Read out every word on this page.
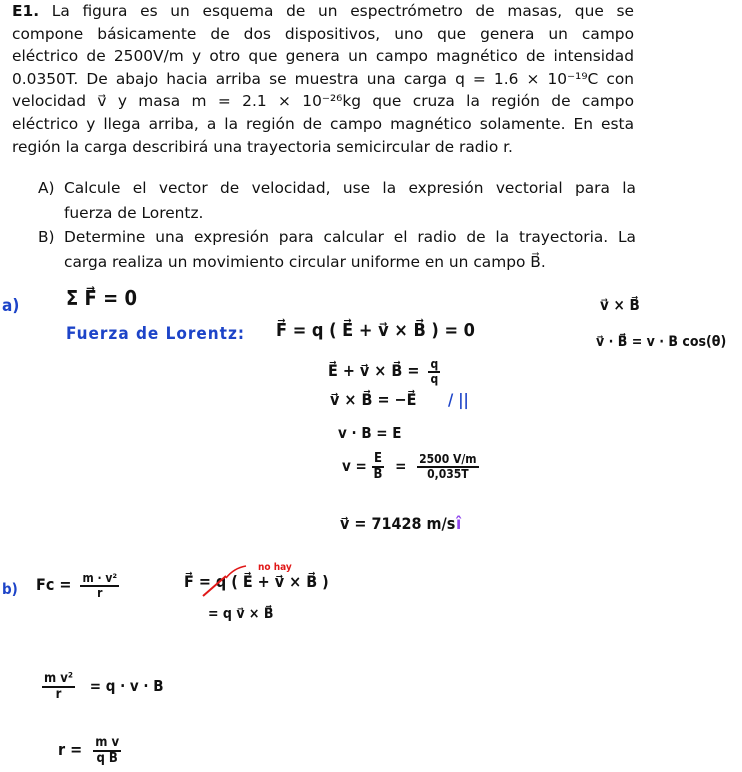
E1. La figura es un esquema de un espectrómetro de masas, que se
compone básicamente de dos dispositivos, uno que genera un campo
eléctrico de 2500V/m y otro que genera un campo magnético de intensidad
0.0350T. De abajo hacia arriba se muestra una carga q = 1.6 × 10⁻¹⁹C con
velocidad v⃗ y masa m = 2.1 × 10⁻²⁶kg que cruza la región de campo
eléctrico y llega arriba, a la región de campo magnético solamente. En esta
región la carga describirá una trayectoria semicircular de radio r.
A) Calcule el vector de velocidad, use la expresión vectorial para la
fuerza de Lorentz.
B) Determine una expresión para calcular el radio de la trayectoria. La
carga realiza un movimiento circular uniforme en un campo B⃗.
a) Σ F⃗ = 0
Fuerza de Lorentz: F⃗ = q ( E⃗ + v⃗ × B⃗ ) = 0
E⃗ + v⃗ × B⃗ = $\frac{q}{q}$
v⃗ × B⃗ = −E⃗ / ||
v · B = E
$v = \frac{E}{B} = \frac{2500 V/m}{0,035T}$
v⃗ = 71428 m/s î
v⃗ × B⃗
v⃗ · B⃗ = v · B cos(θ)
b) $Fc = \frac{\text{m · v²}}{r}$	F⃗ = q ( E⃗ + v⃗ × B⃗ )
no hay
= q v⃗ × B⃗
$\frac{\text{m v²}}{r} = q \cdot v \cdot B$
$r = \frac{\text{m v}}{\text{q B}}$
